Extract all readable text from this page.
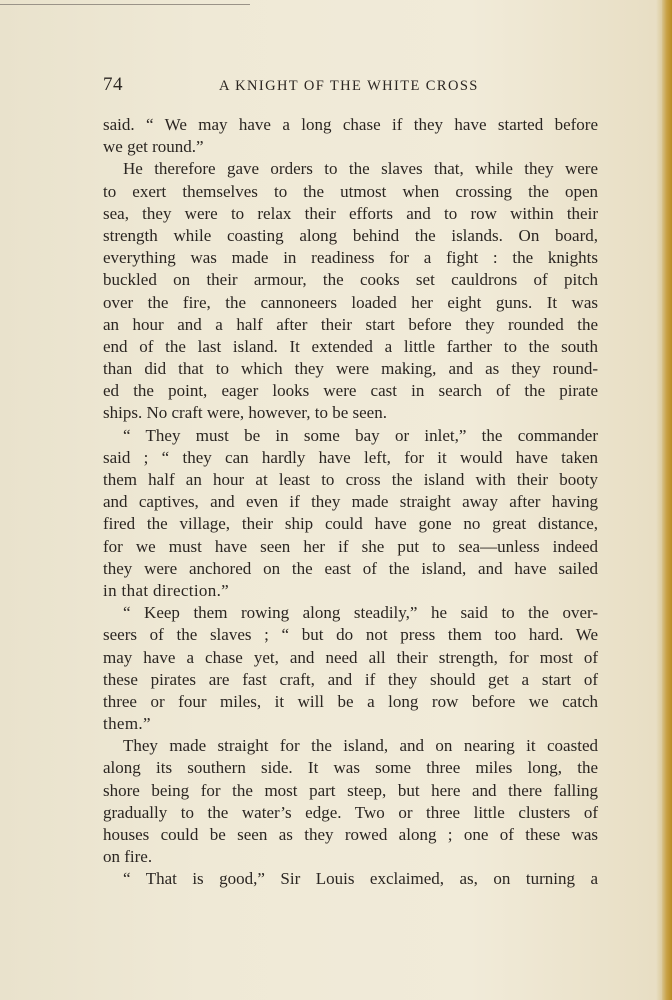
74	A KNIGHT OF THE WHITE CROSS
said. “ We may have a long chase if they have started before
we get round.”
He therefore gave orders to the slaves that, while they were
to exert themselves to the utmost when crossing the open
sea, they were to relax their efforts and to row within their
strength while coasting along behind the islands. On board,
everything was made in readiness for a fight : the knights
buckled on their armour, the cooks set cauldrons of pitch
over the fire, the cannoneers loaded her eight guns. It was
an hour and a half after their start before they rounded the
end of the last island. It extended a little farther to the south
than did that to which they were making, and as they round-
ed the point, eager looks were cast in search of the pirate
ships. No craft were, however, to be seen.
“ They must be in some bay or inlet,” the commander
said ; “ they can hardly have left, for it would have taken
them half an hour at least to cross the island with their booty
and captives, and even if they made straight away after having
fired the village, their ship could have gone no great distance,
for we must have seen her if she put to sea—unless indeed
they were anchored on the east of the island, and have sailed
in that direction.”
“ Keep them rowing along steadily,” he said to the over-
seers of the slaves ; “ but do not press them too hard. We
may have a chase yet, and need all their strength, for most of
these pirates are fast craft, and if they should get a start of
three or four miles, it will be a long row before we catch
them.”
They made straight for the island, and on nearing it coasted
along its southern side. It was some three miles long, the
shore being for the most part steep, but here and there falling
gradually to the water’s edge. Two or three little clusters of
houses could be seen as they rowed along ; one of these was
on fire.
“ That is good,” Sir Louis exclaimed, as, on turning a
